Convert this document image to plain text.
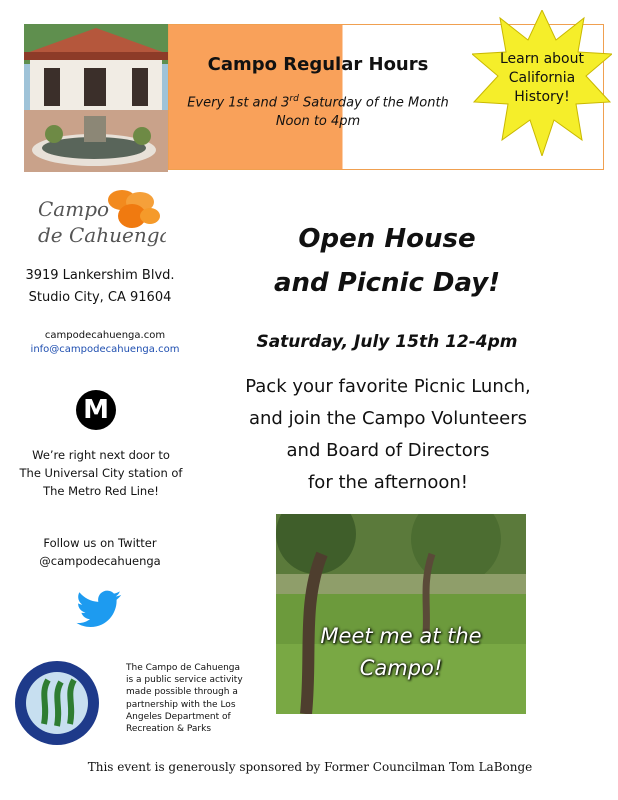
Campo Regular Hours
Every 1st and 3rd Saturday of the Month
Noon to 4pm
Learn about California History!
Campo
de Cahuenga
3919 Lankershim Blvd.
Studio City, CA 91604
campodecahuenga.com
info@campodecahuenga.com
M
We’re right next door to
The Universal City station of
The Metro Red Line!
Follow us on Twitter
@campodecahuenga
The Campo de Cahuenga is a public service activity made possible through a partnership with the Los Angeles Department of Recreation & Parks
Open House
and Picnic Day!
Saturday, July 15th 12-4pm
Pack your favorite Picnic Lunch,
and join the Campo Volunteers
and Board of Directors
for the afternoon!
Meet me at the
Campo!
This event is generously sponsored by Former Councilman Tom LaBonge
